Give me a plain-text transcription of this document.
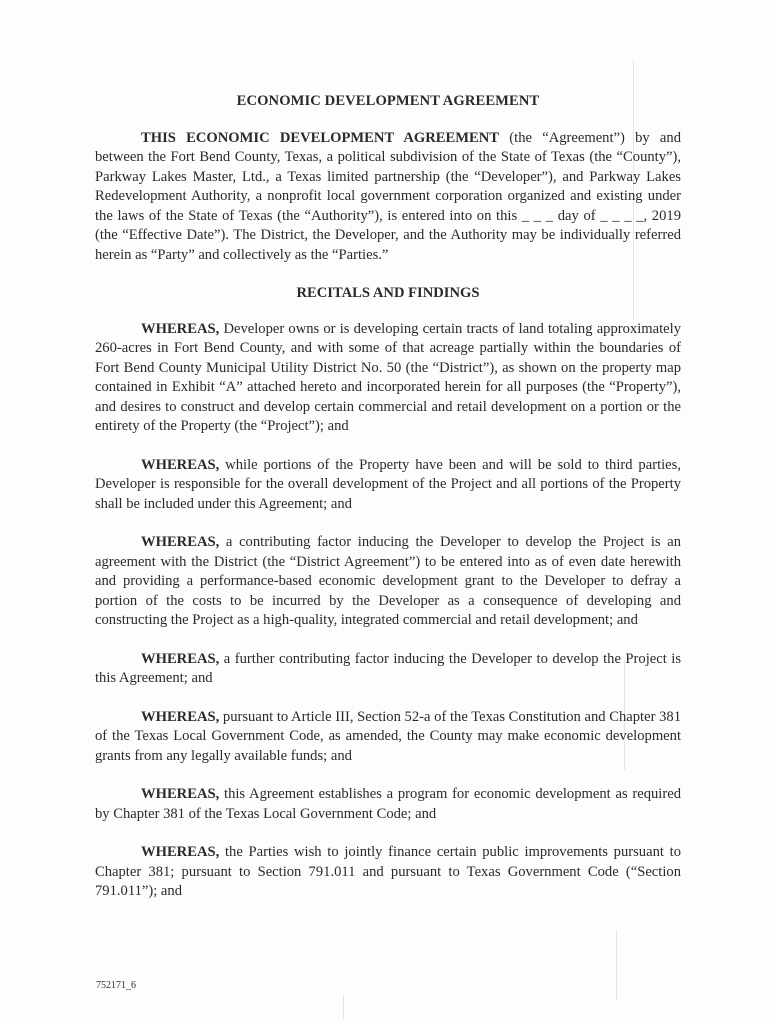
ECONOMIC DEVELOPMENT AGREEMENT

THIS ECONOMIC DEVELOPMENT AGREEMENT (the “Agreement”) by and between the Fort Bend County, Texas, a political subdivision of the State of Texas (the “County”), Parkway Lakes Master, Ltd., a Texas limited partnership (the “Developer”), and Parkway Lakes Redevelopment Authority, a nonprofit local government corporation organized and existing under the laws of the State of Texas (the “Authority”), is entered into on this _ _ _ day of _ _ _ _, 2019 (the “Effective Date”). The District, the Developer, and the Authority may be individually referred herein as “Party” and collectively as the “Parties.”

RECITALS AND FINDINGS

WHEREAS, Developer owns or is developing certain tracts of land totaling approximately 260-acres in Fort Bend County, and with some of that acreage partially within the boundaries of Fort Bend County Municipal Utility District No. 50 (the “District”), as shown on the property map contained in Exhibit “A” attached hereto and incorporated herein for all purposes (the “Property”), and desires to construct and develop certain commercial and retail development on a portion or the entirety of the Property (the “Project”); and

WHEREAS, while portions of the Property have been and will be sold to third parties, Developer is responsible for the overall development of the Project and all portions of the Property shall be included under this Agreement; and

WHEREAS, a contributing factor inducing the Developer to develop the Project is an agreement with the District (the “District Agreement”) to be entered into as of even date herewith and providing a performance-based economic development grant to the Developer to defray a portion of the costs to be incurred by the Developer as a consequence of developing and constructing the Project as a high-quality, integrated commercial and retail development; and

WHEREAS, a further contributing factor inducing the Developer to develop the Project is this Agreement; and

WHEREAS, pursuant to Article III, Section 52-a of the Texas Constitution and Chapter 381 of the Texas Local Government Code, as amended, the County may make economic development grants from any legally available funds; and

WHEREAS, this Agreement establishes a program for economic development as required by Chapter 381 of the Texas Local Government Code; and

WHEREAS, the Parties wish to jointly finance certain public improvements pursuant to Chapter 381; pursuant to Section 791.011 and pursuant to Texas Government Code (“Section 791.011”); and

752171_6
